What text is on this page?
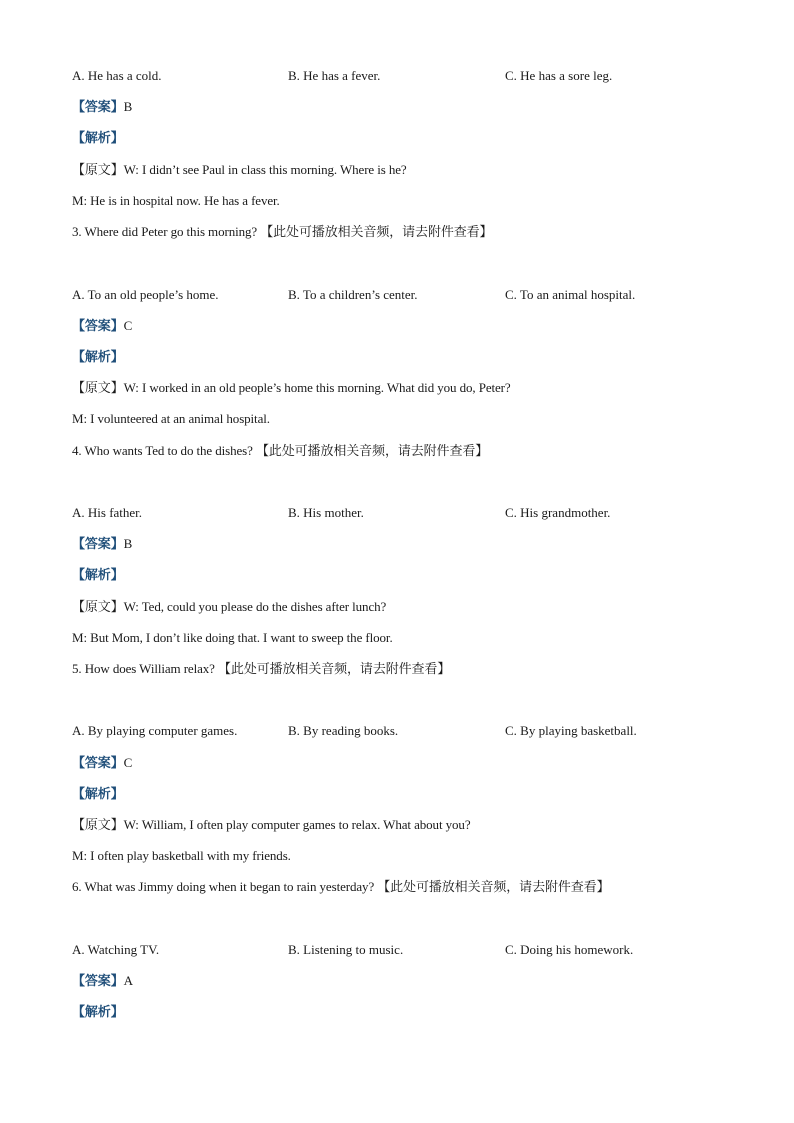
A. He has a cold.	B. He has a fever.	C. He has a sore leg.
【答案】B
【解析】
【原文】W: I didn’t see Paul in class this morning. Where is he?
M: He is in hospital now. He has a fever.
3. Where did Peter go this morning? 【此处可播放相关音频，请去附件查看】
A. To an old people’s home.	B. To a children’s center.	C. To an animal hospital.
【答案】C
【解析】
【原文】W: I worked in an old people’s home this morning. What did you do, Peter?
M: I volunteered at an animal hospital.
4. Who wants Ted to do the dishes? 【此处可播放相关音频，请去附件查看】
A. His father.	B. His mother.	C. His grandmother.
【答案】B
【解析】
【原文】W: Ted, could you please do the dishes after lunch?
M: But Mom, I don’t like doing that. I want to sweep the floor.
5. How does William relax? 【此处可播放相关音频，请去附件查看】
A. By playing computer games.	B. By reading books.	C. By playing basketball.
【答案】C
【解析】
【原文】W: William, I often play computer games to relax. What about you?
M: I often play basketball with my friends.
6. What was Jimmy doing when it began to rain yesterday? 【此处可播放相关音频，请去附件查看】
A. Watching TV.	B. Listening to music.	C. Doing his homework.
【答案】A
【解析】
